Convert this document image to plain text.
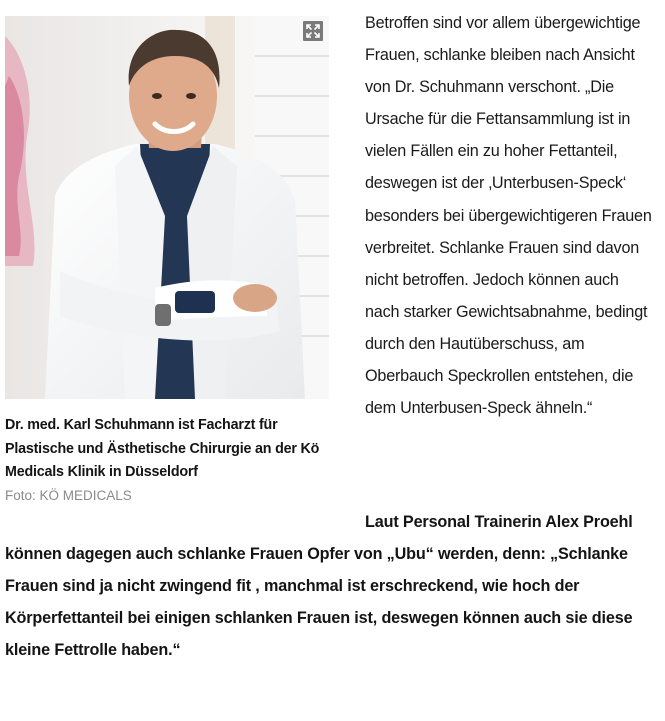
Dr. med. Karl Schuhmann ist Facharzt für Plastische und Ästhetische Chirurgie an der Kö Medicals Klinik in Düsseldorf
Foto: KÖ MEDICALS
Betroffen sind vor allem übergewichtige Frauen, schlanke bleiben nach Ansicht von Dr. Schuhmann verschont. „Die Ursache für die Fettansammlung ist in vielen Fällen ein zu hoher Fettanteil, deswegen ist der ‚Unterbusen-Speck‘ besonders bei übergewichtigeren Frauen verbreitet. Schlanke Frauen sind davon nicht betroffen. Jedoch können auch nach starker Gewichtsabnahme, bedingt durch den Hautüberschuss, am Oberbauch Speckrollen entstehen, die dem Unterbusen-Speck ähneln.“
Laut Personal Trainerin Alex Proehl können dagegen auch schlanke Frauen Opfer von „Ubu“ werden, denn: „Schlanke Frauen sind ja nicht zwingend fit , manchmal ist erschreckend, wie hoch der Körperfettanteil bei einigen schlanken Frauen ist, deswegen können auch sie diese kleine Fettrolle haben.“
